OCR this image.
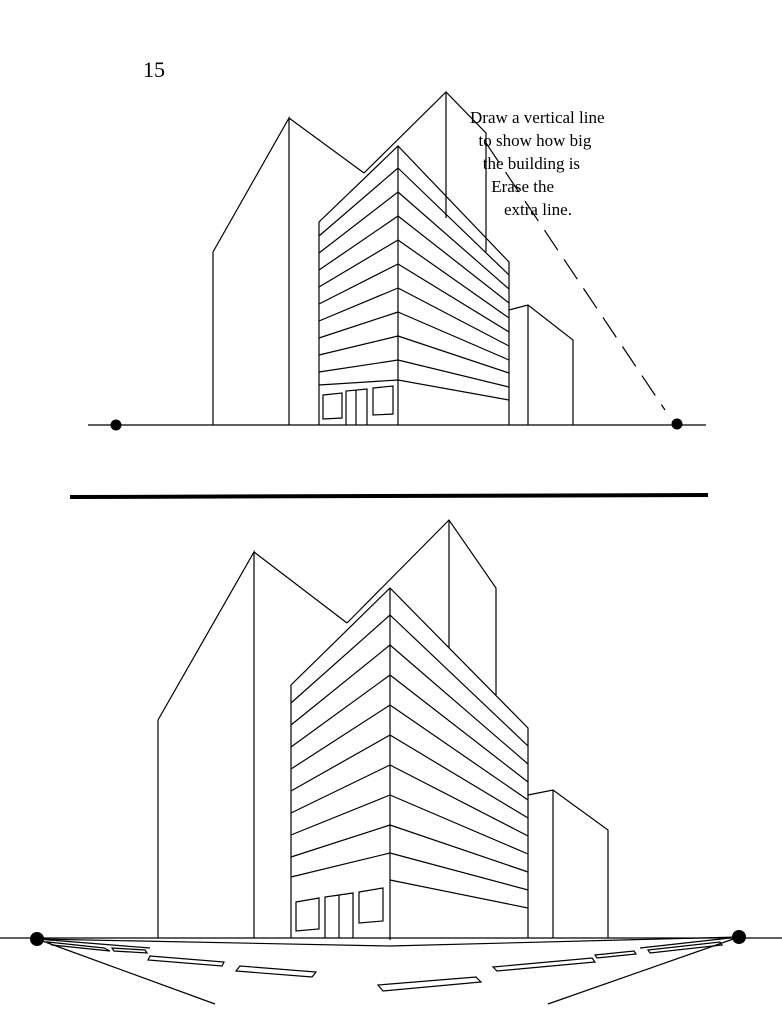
15
Draw a vertical line
to show how big
the building is
Erase the
extra line.
